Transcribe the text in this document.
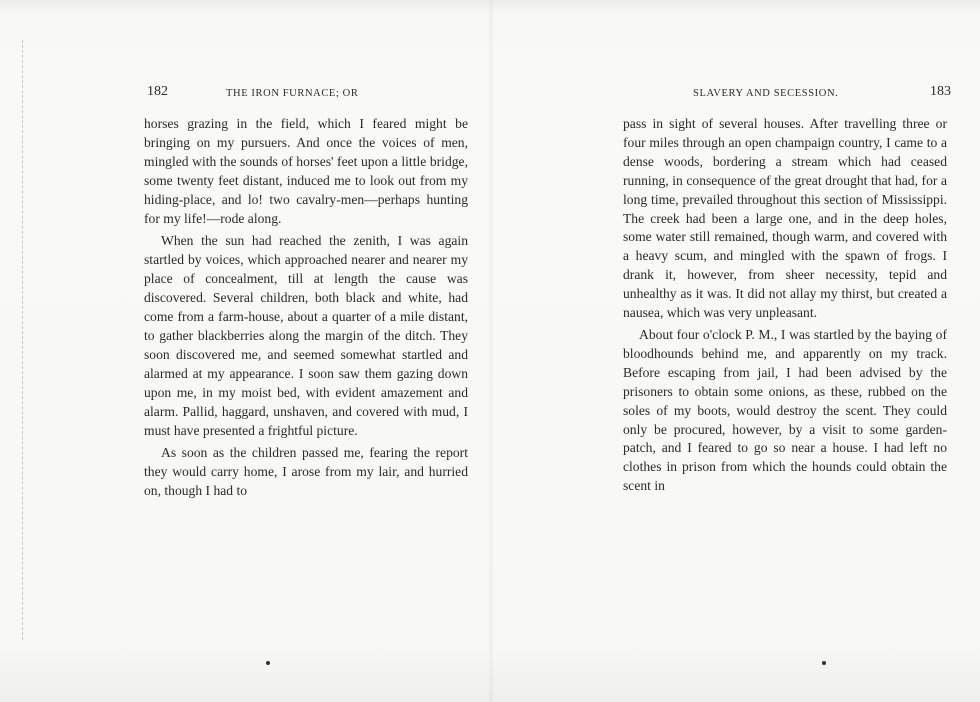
182	THE IRON FURNACE; OR

horses grazing in the field, which I feared might be bringing on my pursuers. And once the voices of men, mingled with the sounds of horses' feet upon a little bridge, some twenty feet distant, induced me to look out from my hiding-place, and lo! two cavalry-men—perhaps hunting for my life!—rode along.

When the sun had reached the zenith, I was again startled by voices, which approached nearer and nearer my place of concealment, till at length the cause was discovered. Several children, both black and white, had come from a farm-house, about a quarter of a mile distant, to gather blackberries along the margin of the ditch. They soon discovered me, and seemed somewhat startled and alarmed at my appearance. I soon saw them gazing down upon me, in my moist bed, with evident amazement and alarm. Pallid, haggard, unshaven, and covered with mud, I must have presented a frightful picture.

As soon as the children passed me, fearing the report they would carry home, I arose from my lair, and hurried on, though I had to

SLAVERY AND SECESSION.	183

pass in sight of several houses. After travelling three or four miles through an open champaign country, I came to a dense woods, bordering a stream which had ceased running, in consequence of the great drought that had, for a long time, prevailed throughout this section of Mississippi. The creek had been a large one, and in the deep holes, some water still remained, though warm, and covered with a heavy scum, and mingled with the spawn of frogs. I drank it, however, from sheer necessity, tepid and unhealthy as it was. It did not allay my thirst, but created a nausea, which was very unpleasant.

About four o'clock P. M., I was startled by the baying of bloodhounds behind me, and apparently on my track. Before escaping from jail, I had been advised by the prisoners to obtain some onions, as these, rubbed on the soles of my boots, would destroy the scent. They could only be procured, however, by a visit to some garden-patch, and I feared to go so near a house. I had left no clothes in prison from which the hounds could obtain the scent in
